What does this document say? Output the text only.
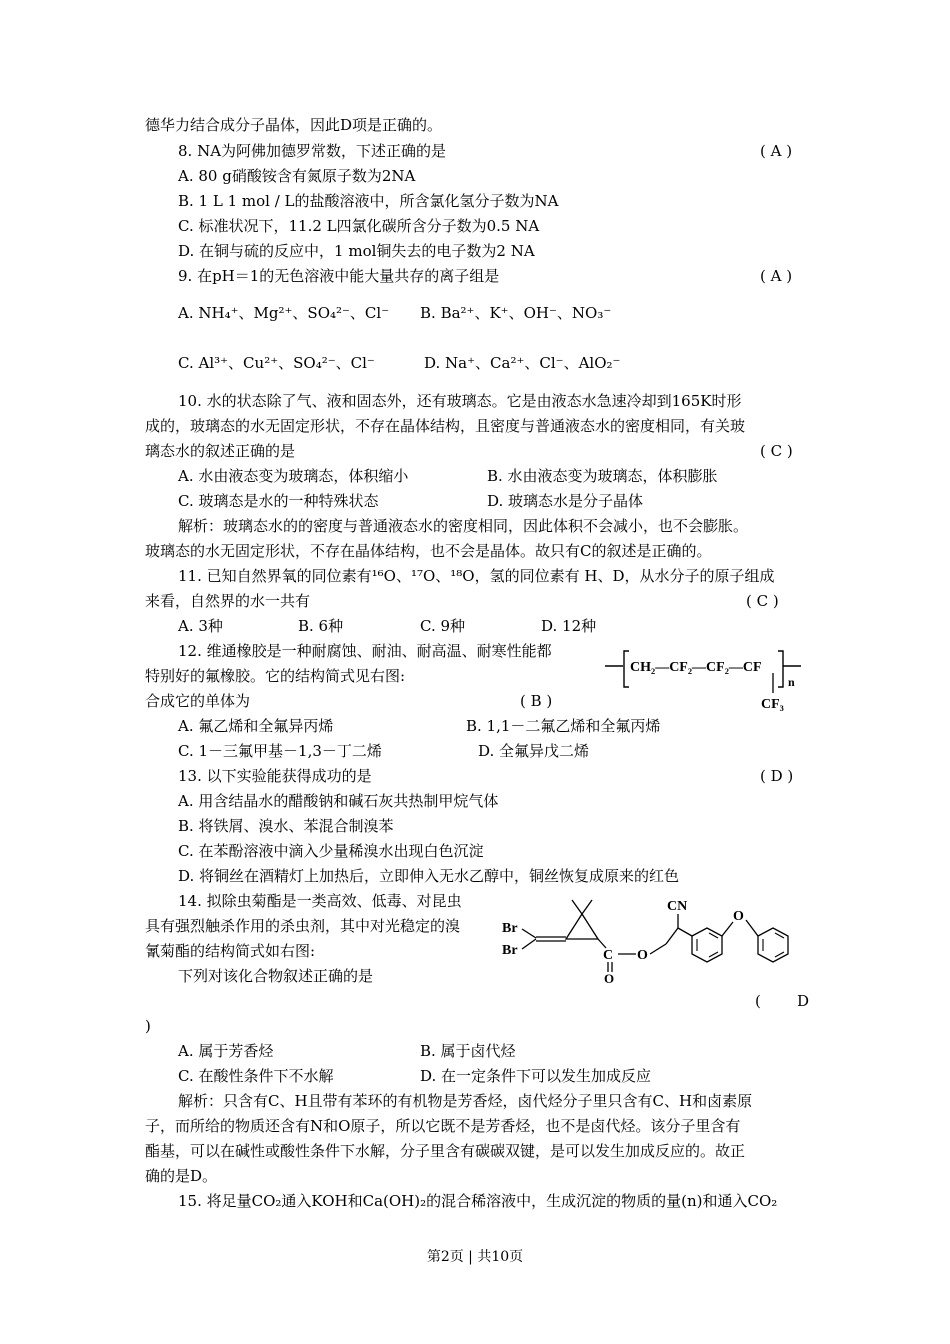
德华力结合成分子晶体，因此D项是正确的。
8. N⁠A为阿佛加德罗常数，下述正确的是	( A )
A. 80 g硝酸铵含有氮原子数为2N⁠A
B. 1 L 1 mol / L的盐酸溶液中，所含氯化氢分子数为N⁠A
C. 标准状况下，11.2 L四氯化碳所含分子数为0.5 N⁠A
D. 在铜与硫的反应中，1 mol铜失去的电子数为2 N⁠A
9. 在pH＝1的无色溶液中能大量共存的离子组是	( A )
A. NH₄⁺、Mg²⁺、SO₄²⁻、Cl⁻ B. Ba²⁺、K⁺、OH⁻、NO₃⁻
C. Al³⁺、Cu²⁺、SO₄²⁻、Cl⁻	D. Na⁺、Ca²⁺、Cl⁻、AlO₂⁻
10. 水的状态除了气、液和固态外，还有玻璃态。它是由液态水急速冷却到165K时形
成的，玻璃态的水无固定形状，不存在晶体结构，且密度与普通液态水的密度相同，有关玻
璃态水的叙述正确的是	( C )
A. 水由液态变为玻璃态，体积缩小	B. 水由液态变为玻璃态，体积膨胀
C. 玻璃态是水的一种特殊状态	D. 玻璃态水是分子晶体
解析：玻璃态水的的密度与普通液态水的密度相同，因此体积不会减小，也不会膨胀。
玻璃态的水无固定形状，不存在晶体结构，也不会是晶体。故只有C的叙述是正确的。
11. 已知自然界氧的同位素有¹⁶O、¹⁷O、¹⁸O，氢的同位素有 H、D，从水分子的原子组成
来看，自然界的水一共有	( C )
A. 3种	B. 6种	C. 9种	D. 12种
12. 维通橡胶是一种耐腐蚀、耐油、耐高温、耐寒性能都
特别好的氟橡胶。它的结构简式见右图:
合成它的单体为	( B )
CH₂—CF₂—CF₂—CF
CF₃
n
A. 氟乙烯和全氟异丙烯	B. 1,1－二氟乙烯和全氟丙烯
C. 1－三氟甲基－1,3－丁二烯	D. 全氟异戊二烯
13. 以下实验能获得成功的是	( D )
A. 用含结晶水的醋酸钠和碱石灰共热制甲烷气体
B. 将铁屑、溴水、苯混合制溴苯
C. 在苯酚溶液中滴入少量稀溴水出现白色沉淀
D. 将铜丝在酒精灯上加热后，立即伸入无水乙醇中，铜丝恢复成原来的红色
14. 拟除虫菊酯是一类高效、低毒、对昆虫
具有强烈触杀作用的杀虫剂，其中对光稳定的溴
氰菊酯的结构简式如右图:
下列对该化合物叙述正确的是
Br
Br	C
O
O
CN
O
( D
)
A. 属于芳香烃	B. 属于卤代烃
C. 在酸性条件下不水解	D. 在一定条件下可以发生加成反应
解析：只含有C、H且带有苯环的有机物是芳香烃，卤代烃分子里只含有C、H和卤素原
子，而所给的物质还含有N和O原子，所以它既不是芳香烃，也不是卤代烃。该分子里含有
酯基，可以在碱性或酸性条件下水解，分子里含有碳碳双键，是可以发生加成反应的。故正
确的是D。
15. 将足量CO₂通入KOH和Ca(OH)₂的混合稀溶液中，生成沉淀的物质的量(n)和通入CO₂
第2页 | 共10页
